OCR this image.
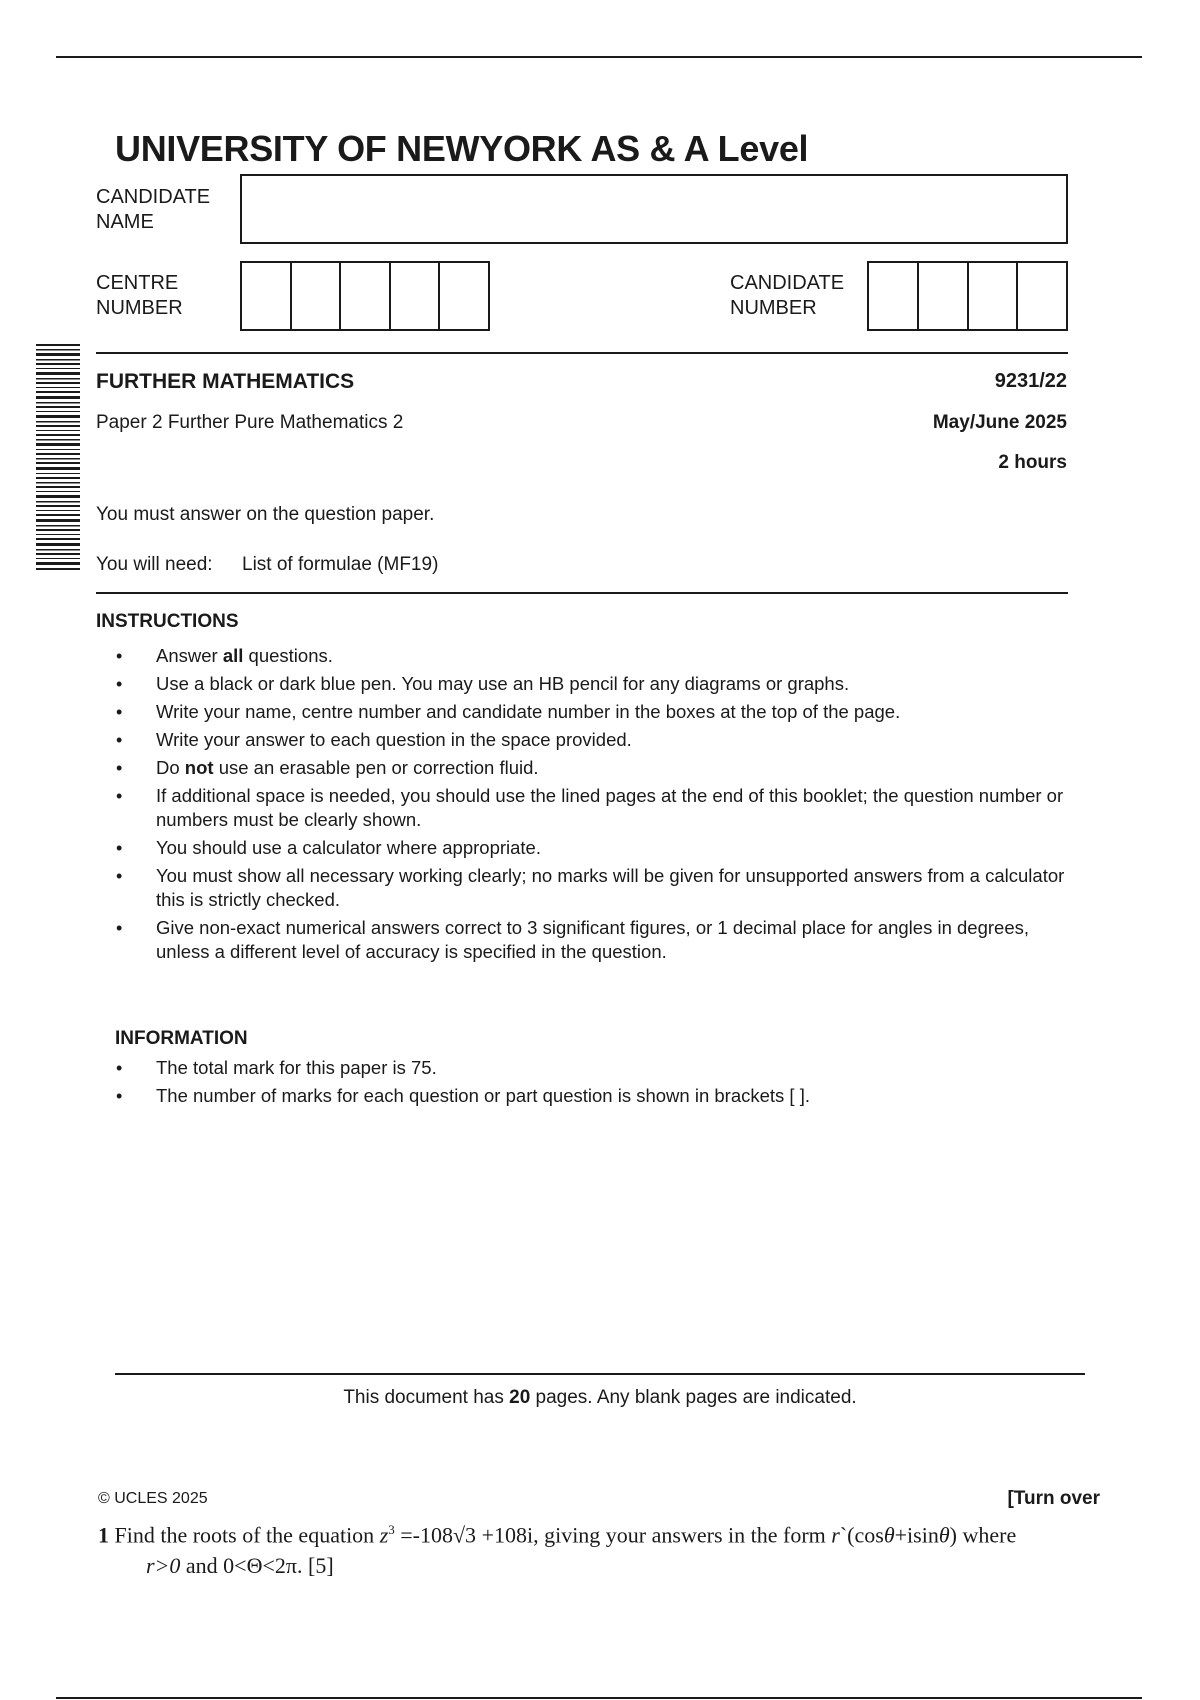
UNIVERSITY OF NEWYORK AS & A Level
CANDIDATE
NAME
CENTRE
NUMBER
CANDIDATE
NUMBER
FURTHER MATHEMATICS	9231/22
Paper 2 Further Pure Mathematics 2	May/June 2025
2 hours
You must answer on the question paper.
You will need: List of formulae (MF19)
INSTRUCTIONS
• Answer all questions.
• Use a black or dark blue pen. You may use an HB pencil for any diagrams or graphs.
• Write your name, centre number and candidate number in the boxes at the top of the page.
• Write your answer to each question in the space provided.
• Do not use an erasable pen or correction fluid.
• If additional space is needed, you should use the lined pages at the end of this booklet; the question number or numbers must be clearly shown.
• You should use a calculator where appropriate.
• You must show all necessary working clearly; no marks will be given for unsupported answers from a calculator this is strictly checked.
• Give non-exact numerical answers correct to 3 significant figures, or 1 decimal place for angles in degrees, unless a different level of accuracy is specified in the question.
INFORMATION
• The total mark for this paper is 75.
• The number of marks for each question or part question is shown in brackets [ ].
This document has 20 pages. Any blank pages are indicated.
© UCLES 2025	[Turn over
1 Find the roots of the equation $z^3 =-108√3 +108i$, giving your answers in the form r`(cosθ+isinθ) where
r>0 and 0<Θ<2π. [5]
